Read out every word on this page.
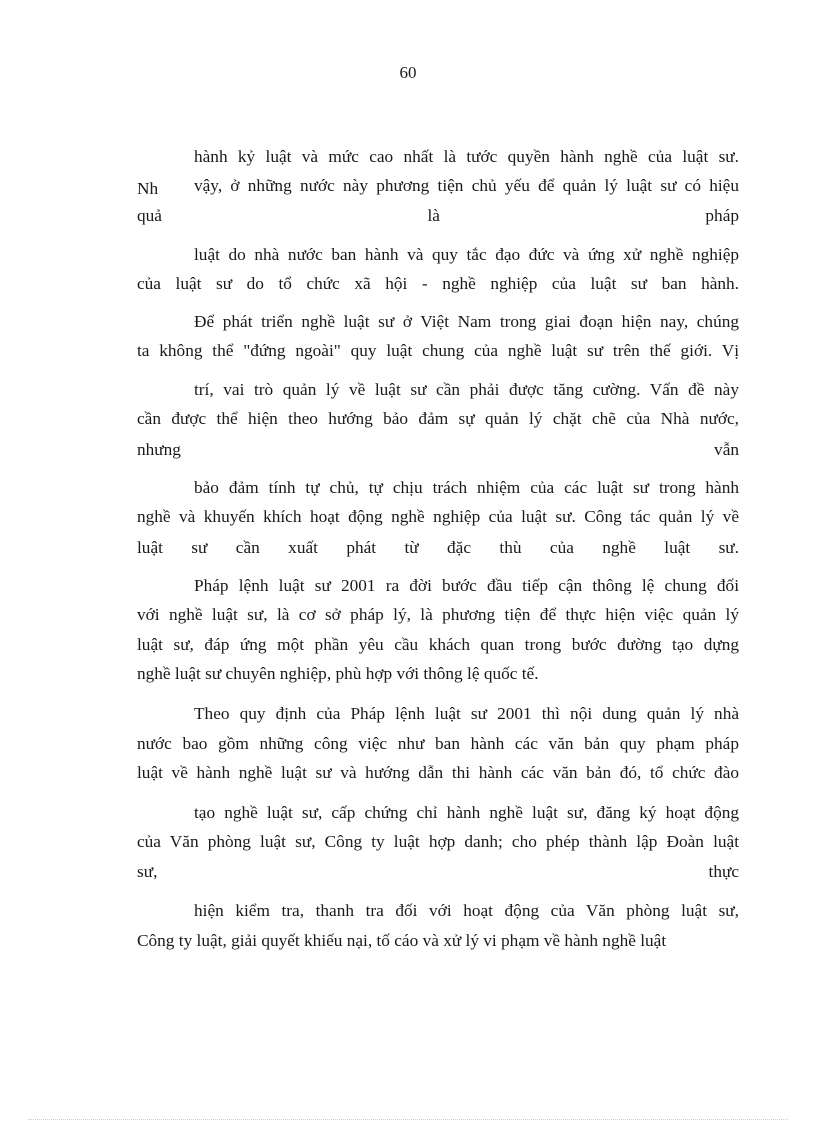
60
hành kỷ luật và mức cao nhất là tước quyền hành nghề của luật sư.
Nh vậy, ở những nước này phương tiện chủ yếu để quản lý luật sư có hiệu
quả	là	pháp
luật do nhà nước ban hành và quy tắc đạo đức và ứng xử nghề nghiệp
của luật sư do tổ chức xã hội - nghề nghiệp của luật sư ban hành.
Để phát triển nghề luật sư ở Việt Nam trong giai đoạn hiện nay, chúng
ta không thể "đứng ngoài" quy luật chung của nghề luật sư trên thế giới. Vị
trí, vai trò quản lý về luật sư cần phải được tăng cường. Vấn đề này
cần được thể hiện theo hướng bảo đảm sự quản lý chặt chẽ của Nhà nước,
nhưng	vẫn
bảo đảm tính tự chủ, tự chịu trách nhiệm của các luật sư trong hành
nghề và khuyến khích hoạt động nghề nghiệp của luật sư. Công tác quản lý về
luật sư cần xuất phát từ đặc thù của nghề luật sư.
Pháp lệnh luật sư 2001 ra đời bước đầu tiếp cận thông lệ chung đối
với nghề luật sư, là cơ sở pháp lý, là phương tiện để thực hiện việc quản lý
luật sư, đáp ứng một phần yêu cầu khách quan trong bước đường tạo dựng
nghề luật sư chuyên nghiệp, phù hợp với thông lệ quốc tế.
Theo quy định của Pháp lệnh luật sư 2001 thì nội dung quản lý nhà
nước bao gồm những công việc như ban hành các văn bản quy phạm pháp
luật về hành nghề luật sư và hướng dẫn thi hành các văn bản đó, tổ chức đào
tạo nghề luật sư, cấp chứng chỉ hành nghề luật sư, đăng ký hoạt động
của Văn phòng luật sư, Công ty luật hợp danh; cho phép thành lập Đoàn luật
sư,	thực
hiện kiểm tra, thanh tra đối với hoạt động của Văn phòng luật sư,
Công ty luật, giải quyết khiếu nại, tố cáo và xử lý vi phạm về hành nghề luật
